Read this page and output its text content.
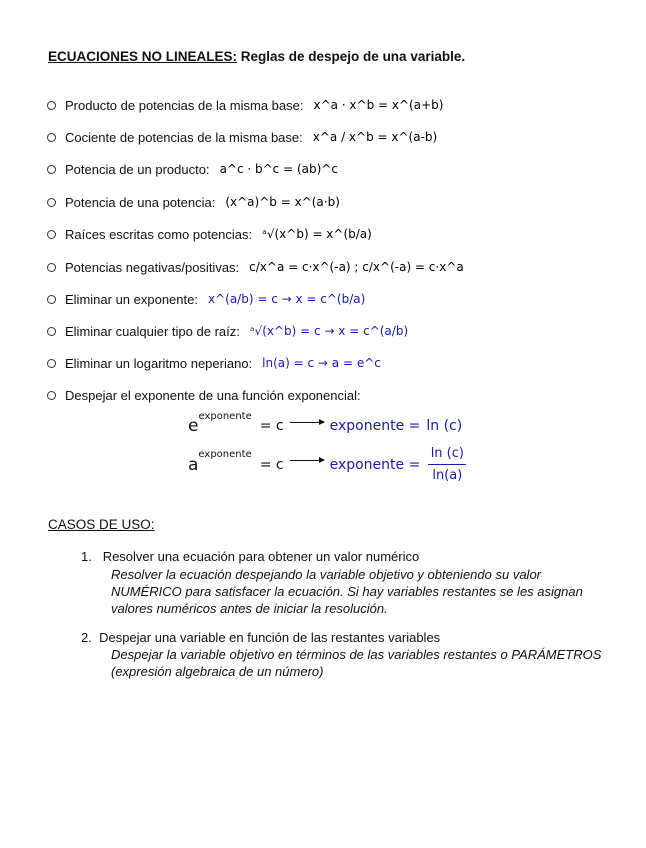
ECUACIONES NO LINEALES: Reglas de despejo de una variable.
Producto de potencias de la misma base: x^a · x^b = x^(a+b)
Cociente de potencias de la misma base: x^a / x^b = x^(a-b)
Potencia de un producto: a^c · b^c = (ab)^c
Potencia de una potencia: (x^a)^b = x^(a·b)
Raíces escritas como potencias: ᵃ√(x^b) = x^(b/a)
Potencias negativas/positivas: c/x^a = c·x^(-a) ; c/x^(-a) = c·x^a
Eliminar un exponente: x^(a/b) = c → x = c^(b/a)
Eliminar cualquier tipo de raíz: ᵃ√(x^b) = c → x = c^(a/b)
Eliminar un logaritmo neperiano: ln(a) = c → a = e^c
Despejar el exponente de una función exponencial:
e exponente
= c	exponente = ln (c)
a exponente
= c	exponente = $\frac{\ln (c)}{\ln(a)}$
CASOS DE USO:
1. Resolver una ecuación para obtener un valor numérico
Resolver la ecuación despejando la variable objetivo y obteniendo su valor
NUMÉRICO para satisfacer la ecuación. Si hay variables restantes se les asignan
valores numéricos antes de iniciar la resolución.
2. Despejar una variable en función de las restantes variables
Despejar la variable objetivo en términos de las variables restantes o PARÁMETROS
(expresión algebraica de un número)
